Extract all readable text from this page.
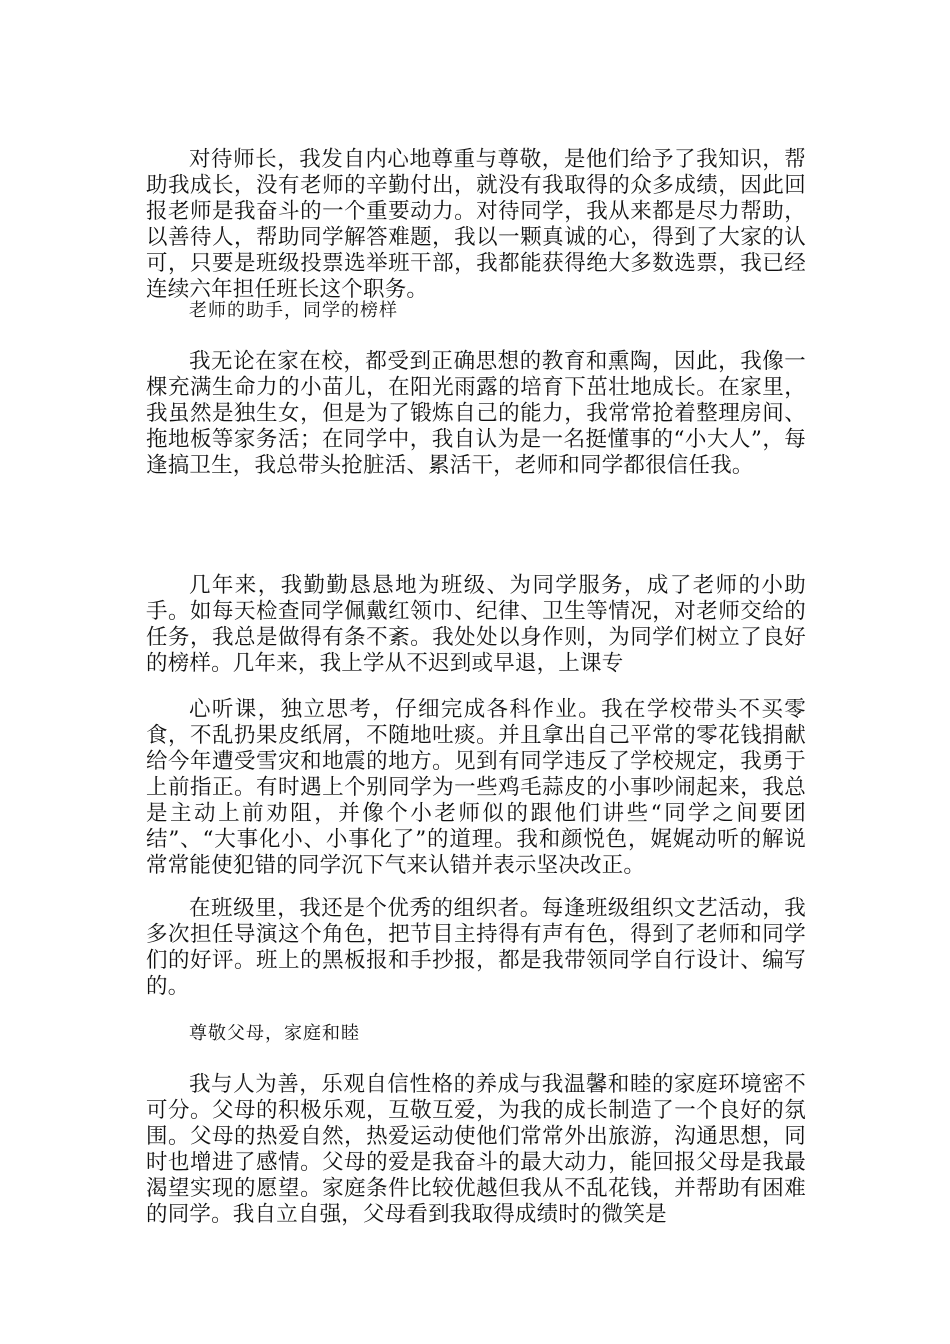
对待师长，我发自内心地尊重与尊敬，是他们给予了我知识，帮助我成长，没有老师的辛勤付出，就没有我取得的众多成绩，因此回报老师是我奋斗的一个重要动力。对待同学，我从来都是尽力帮助，以善待人，帮助同学解答难题，我以一颗真诚的心，得到了大家的认可，只要是班级投票选举班干部，我都能获得绝大多数选票，我已经连续六年担任班长这个职务。

老师的助手，同学的榜样

我无论在家在校，都受到正确思想的教育和熏陶，因此，我像一棵充满生命力的小苗儿，在阳光雨露的培育下茁壮地成长。在家里，我虽然是独生女，但是为了锻炼自己的能力，我常常抢着整理房间、拖地板等家务活；在同学中，我自认为是一名挺懂事的“小大人”，每逢搞卫生，我总带头抢脏活、累活干，老师和同学都很信任我。

几年来，我勤勤恳恳地为班级、为同学服务，成了老师的小助手。如每天检查同学佩戴红领巾、纪律、卫生等情况，对老师交给的任务，我总是做得有条不紊。我处处以身作则，为同学们树立了良好的榜样。几年来，我上学从不迟到或早退，上课专

心听课，独立思考，仔细完成各科作业。我在学校带头不买零食，不乱扔果皮纸屑，不随地吐痰。并且拿出自己平常的零花钱捐献给今年遭受雪灾和地震的地方。见到有同学违反了学校规定，我勇于上前指正。有时遇上个别同学为一些鸡毛蒜皮的小事吵闹起来，我总是主动上前劝阻，并像个小老师似的跟他们讲些“同学之间要团结”、“大事化小、小事化了”的道理。我和颜悦色，娓娓动听的解说常常能使犯错的同学沉下气来认错并表示坚决改正。

在班级里，我还是个优秀的组织者。每逢班级组织文艺活动，我多次担任导演这个角色，把节目主持得有声有色，得到了老师和同学们的好评。班上的黑板报和手抄报，都是我带领同学自行设计、编写的。

尊敬父母，家庭和睦

我与人为善，乐观自信性格的养成与我温馨和睦的家庭环境密不可分。父母的积极乐观，互敬互爱，为我的成长制造了一个良好的氛围。父母的热爱自然，热爱运动使他们常常外出旅游，沟通思想，同时也增进了感情。父母的爱是我奋斗的最大动力，能回报父母是我最渴望实现的愿望。家庭条件比较优越但我从不乱花钱，并帮助有困难的同学。我自立自强，父母看到我取得成绩时的微笑是
